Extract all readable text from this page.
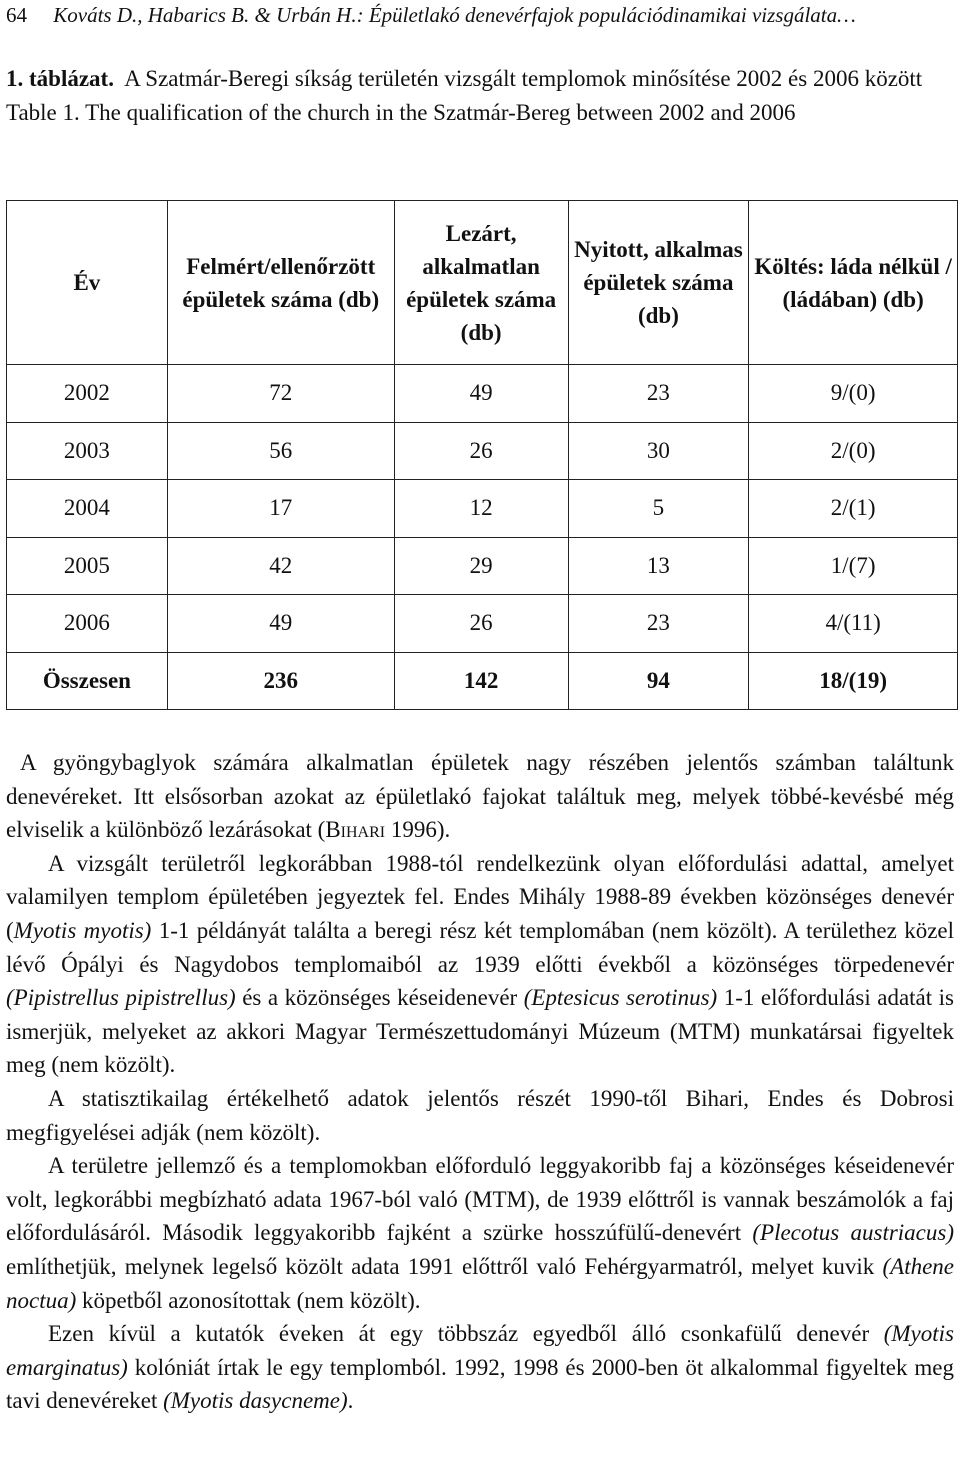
64 Kováts D., Habarics B. & Urbán H.: Épületlakó denevérfajok populációdinamikai vizsgálata…

1. táblázat. A Szatmár-Beregi síkság területén vizsgált templomok minősítése 2002 és 2006 között

Table 1. The qualification of the church in the Szatmár-Bereg between 2002 and 2006

Év	Felmért/ellenőrzött épületek száma (db)	Lezárt, alkalmatlan épületek száma (db)	Nyitott, alkalmas épületek száma (db)	Költés: láda nélkül / (ládában) (db)
2002	72	49	23	9/(0)
2003	56	26	30	2/(0)
2004	17	12	5	2/(1)
2005	42	29	13	1/(7)
2006	49	26	23	4/(11)
Összesen	236	142	94	18/(19)

A gyöngybaglyok számára alkalmatlan épületek nagy részében jelentős számban találtunk denevéreket. Itt elsősorban azokat az épületlakó fajokat találtuk meg, melyek többé-kevésbé még elviselik a különböző lezárásokat (Bihari 1996).

A vizsgált területről legkorábban 1988-tól rendelkezünk olyan előfordulási adattal, amelyet valamilyen templom épületében jegyeztek fel. Endes Mihály 1988-89 években közönséges denevér (Myotis myotis) 1-1 példányát találta a beregi rész két templomában (nem közölt). A területhez közel lévő Ópályi és Nagydobos templomaiból az 1939 előtti évekből a közönséges törpedenevér (Pipistrellus pipistrellus) és a közönséges késeidenevér (Eptesicus serotinus) 1-1 előfordulási adatát is ismerjük, melyeket az akkori Magyar Természettudományi Múzeum (MTM) munkatársai figyeltek meg (nem közölt).

A statisztikailag értékelhető adatok jelentős részét 1990-től Bihari, Endes és Dobrosi megfigyelései adják (nem közölt).

A területre jellemző és a templomokban előforduló leggyakoribb faj a közönséges késeidenevér volt, legkorábbi megbízható adata 1967-ból való (MTM), de 1939 előttről is vannak beszámolók a faj előfordulásáról. Második leggyakoribb fajként a szürke hosszúfülű-denevért (Plecotus austriacus) említhetjük, melynek legelső közölt adata 1991 előttről való Fehérgyarmatról, melyet kuvik (Athene noctua) köpetből azonosítottak (nem közölt).

Ezen kívül a kutatók éveken át egy többszáz egyedből álló csonkafülű denevér (Myotis emarginatus) kolóniát írtak le egy templomból. 1992, 1998 és 2000-ben öt alkalommal figyeltek meg tavi denevéreket (Myotis dasycneme).
